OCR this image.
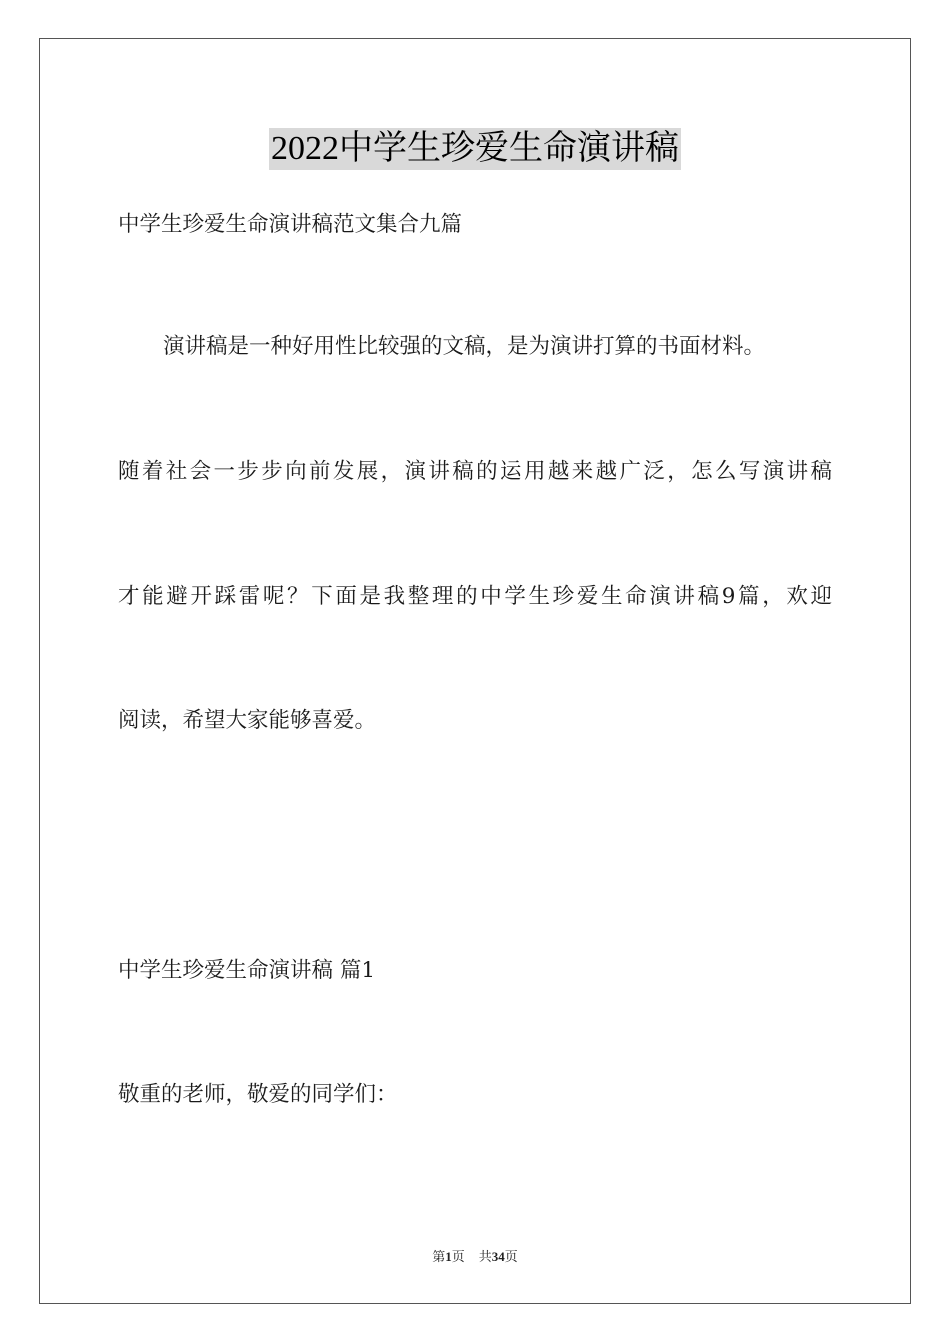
2022中学生珍爱生命演讲稿
中学生珍爱生命演讲稿范文集合九篇
演讲稿是一种好用性比较强的文稿，是为演讲打算的书面材料。
随着社会一步步向前发展，演讲稿的运用越来越广泛，怎么写演讲稿
才能避开踩雷呢？下面是我整理的中学生珍爱生命演讲稿9篇，欢迎
阅读，希望大家能够喜爱。
中学生珍爱生命演讲稿 篇1
敬重的老师，敬爱的同学们：
第1页 共34页
